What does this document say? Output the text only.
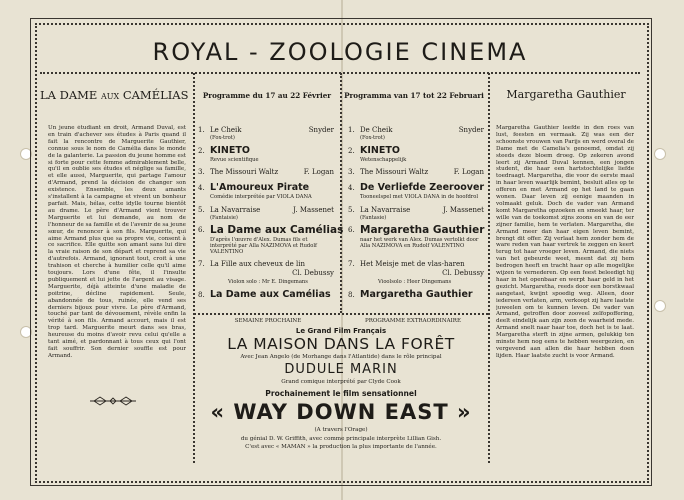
ROYAL - ZOOLOGIE CINEMA
LA DAME AUX CAMÉLIAS
Un jeune étudiant en droit, Armand Duval, est en train d'achever ses études à Paris quand il fait la rencontre de Marguerite Gauthier, connue sous le nom de Camélia dans le monde de la galanterie. La passion du jeune homme est si forte pour cette femme admirablement belle, qu'il en oublie ses études et néglige sa famille, et elle aussi, Marguerite, qui partage l'amour d'Armand, prend la décision de changer son existence. Ensemble, les deux amants s'installent à la campagne et vivent un bonheur parfait. Mais, hélas, cette idylle tourne bientôt au drame. Le père d'Armand vient trouver Marguerite et lui demande, au nom de l'honneur de sa famille et de l'avenir de sa jeune sœur, de renoncer à son fils. Marguerite, qui aime Armand plus que sa propre vie, consent à ce sacrifice. Elle quitte son amant sans lui dire la vraie raison de son départ et reprend sa vie d'autrefois. Armand, ignorant tout, croit à une trahison et cherche à humilier celle qu'il aime toujours. Lors d'une fête, il l'insulte publiquement et lui jette de l'argent au visage. Marguerite, déjà atteinte d'une maladie de poitrine, décline rapidement. Seule, abandonnée de tous, ruinée, elle vend ses derniers bijoux pour vivre. Le père d'Armand, touché par tant de dévouement, révèle enfin la vérité à son fils. Armand accourt, mais il est trop tard. Marguerite meurt dans ses bras, heureuse du moins d'avoir revu celui qu'elle a tant aimé, et pardonnant à tous ceux qui l'ont fait souffrir. Son dernier souffle est pour Armand.
Programme du 17 au 22 Février
1. Le Cheik	Snyder
(Fox-trot)
2. KINETO
Revue scientifique
3. The Missouri Waltz	F. Logan
4. L'Amoureux Pirate
Comédie interprétée par VIOLA DANA
5. La Navarraise	J. Massenet
(Fantaisie)
6. La Dame aux Camélias
D'après l'œuvre d'Alex. Dumas fils et interprété par Alla NAZIMOVA et Rudolf VALENTINO
7. La Fille aux cheveux de lin
Cl. Debussy
Violon solo : Mr E. Dingemans
8. La Dame aux Camélias
Programma van 17 tot 22 Februari
1. De Cheik	Snyder
(Fox-trot)
2. KINETO
Wetenschappelijk
3. The Missouri Waltz	F. Logan
4. De Verliefde Zeeroover
Tooneelspel met VIOLA DANA in de hoofdrol
5. La Navarraise	J. Massenet
(Fantasie)
6. Margaretha Gauthier
naar het werk van Alex. Dumas vertolkt door Alla NAZIMOVA en Rudolf VALENTINO
7. Het Meisje met de vlas-haren
Cl. Debussy
Vioolsolo : Heer Dingemans
8. Margaretha Gauthier
Margaretha Gauthier
Margaretha Gauthier leefde in den roes van lust, feesten en vermaak. Zij was een der schoonste vrouwen van Parijs en werd overal de Dame met de Camelia's genoemd, omdat zij steeds deze bloem droeg. Op zekeren avond leert zij Armand Duval kennen, een jongen student, die haar een hartstochtelijke liefde toedraagt. Margaretha, die voor de eerste maal in haar leven waarlijk bemint, besluit alles op te offeren en met Armand op het land te gaan wonen. Daar leven zij eenige maanden in volmaakt geluk. Doch de vader van Armand komt Margaretha opzoeken en smeekt haar, ter wille van de toekomst zijns zoons en van de eer zijner familie, hem te verlaten. Margaretha, die Armand meer dan haar eigen leven bemint, brengt dit offer. Zij verlaat hem zonder hem de ware reden van haar vertrek te zeggen en keert terug tot haar vroeger leven. Armand, die niets van het gebeurde weet, meent dat zij hem bedrogen heeft en tracht haar op alle mogelijke wijzen te vernederen. Op een feest beleedigt hij haar in het openbaar en werpt haar geld in het gezicht. Margaretha, reeds door een borstkwaal aangetast, kwijnt spoedig weg. Alleen, door iedereen verlaten, arm, verkoopt zij hare laatste juweelen om te kunnen leven. De vader van Armand, getroffen door zooveel zelfopoffering, deelt eindelijk aan zijn zoon de waarheid mede. Armand snelt naar haar toe, doch het is te laat. Margaretha sterft in zijne armen, gelukkig ten minste hem nog eens te hebben weergezien, en vergevend aan allen die haar hebben doen lijden. Haar laatste zucht is voor Armand.
SEMAINE PROCHAINE	PROGRAMME EXTRAORDINAIRE
Le Grand Film Français
LA MAISON DANS LA FORÊT
Avec Jean Angelo (de Morhange dans l'Atlantide) dans le rôle principal
DUDULE MARIN
Grand comique interprété par Clyde Cook
Prochainement le film sensationnel
« WAY DOWN EAST »
(A travers l'Orage)
du génial D. W. Griffith, avec comme principale interprète Lillian Gish.
C'est avec « MAMAN » la production la plus importante de l'année.
